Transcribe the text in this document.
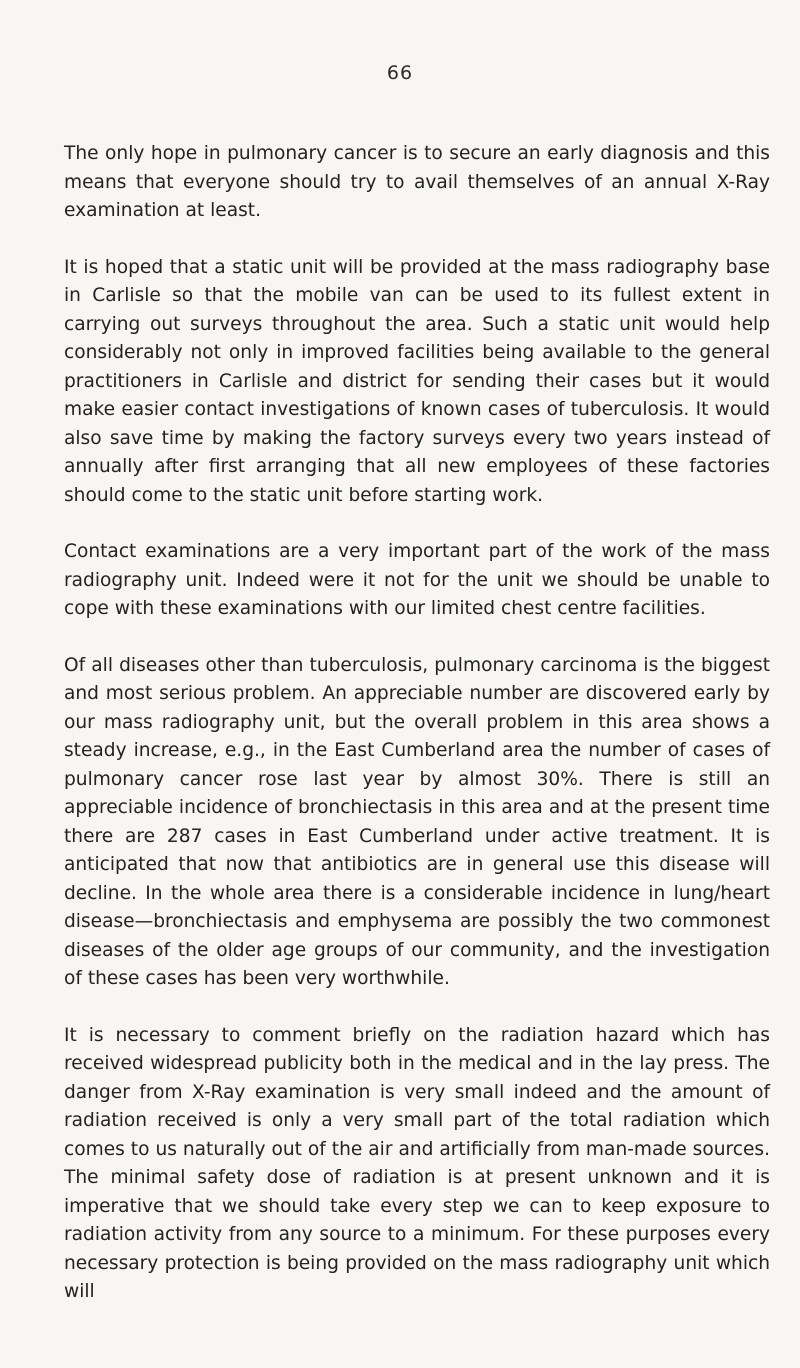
66

The only hope in pulmonary cancer is to secure an early diagnosis and this means that everyone should try to avail themselves of an annual X-Ray examination at least.

It is hoped that a static unit will be provided at the mass radiography base in Carlisle so that the mobile van can be used to its fullest extent in carrying out surveys throughout the area. Such a static unit would help considerably not only in improved facilities being available to the general practitioners in Carlisle and district for sending their cases but it would make easier contact investigations of known cases of tuberculosis. It would also save time by making the factory surveys every two years instead of annually after first arranging that all new employees of these factories should come to the static unit before starting work.

Contact examinations are a very important part of the work of the mass radiography unit. Indeed were it not for the unit we should be unable to cope with these examinations with our limited chest centre facilities.

Of all diseases other than tuberculosis, pulmonary carcinoma is the biggest and most serious problem. An appreciable number are discovered early by our mass radiography unit, but the overall problem in this area shows a steady increase, e.g., in the East Cumberland area the number of cases of pulmonary cancer rose last year by almost 30%. There is still an appreciable incidence of bronchiectasis in this area and at the present time there are 287 cases in East Cumberland under active treatment. It is anticipated that now that antibiotics are in general use this disease will decline. In the whole area there is a considerable incidence in lung/heart disease—bronchiectasis and emphysema are possibly the two commonest diseases of the older age groups of our community, and the investigation of these cases has been very worthwhile.

It is necessary to comment briefly on the radiation hazard which has received widespread publicity both in the medical and in the lay press. The danger from X-Ray examination is very small indeed and the amount of radiation received is only a very small part of the total radiation which comes to us naturally out of the air and artificially from man-made sources. The minimal safety dose of radiation is at present unknown and it is imperative that we should take every step we can to keep exposure to radiation activity from any source to a minimum. For these purposes every necessary protection is being provided on the mass radiography unit which will
